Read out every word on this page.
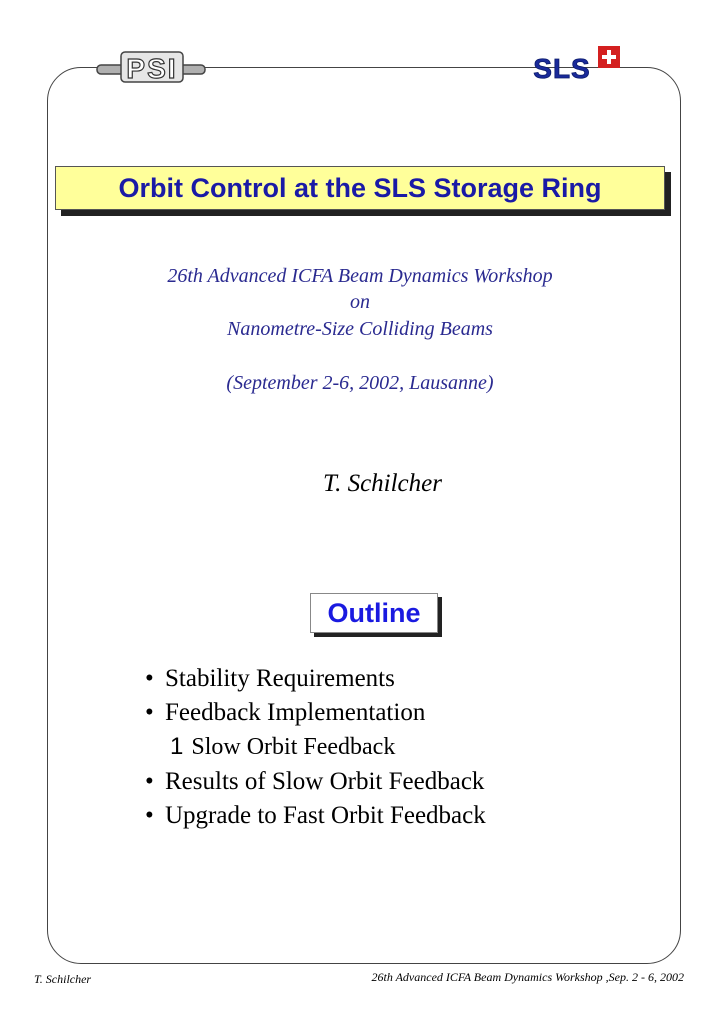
PSI	SLS
Orbit Control at the SLS Storage Ring
26th Advanced ICFA Beam Dynamics Workshop
on
Nanometre-Size Colliding Beams
(September 2-6, 2002, Lausanne)
T. Schilcher
Outline
• Stability Requirements
• Feedback Implementation
1 Slow Orbit Feedback
• Results of Slow Orbit Feedback
• Upgrade to Fast Orbit Feedback
T. Schilcher	26th Advanced ICFA Beam Dynamics Workshop ,Sep. 2 - 6, 2002
